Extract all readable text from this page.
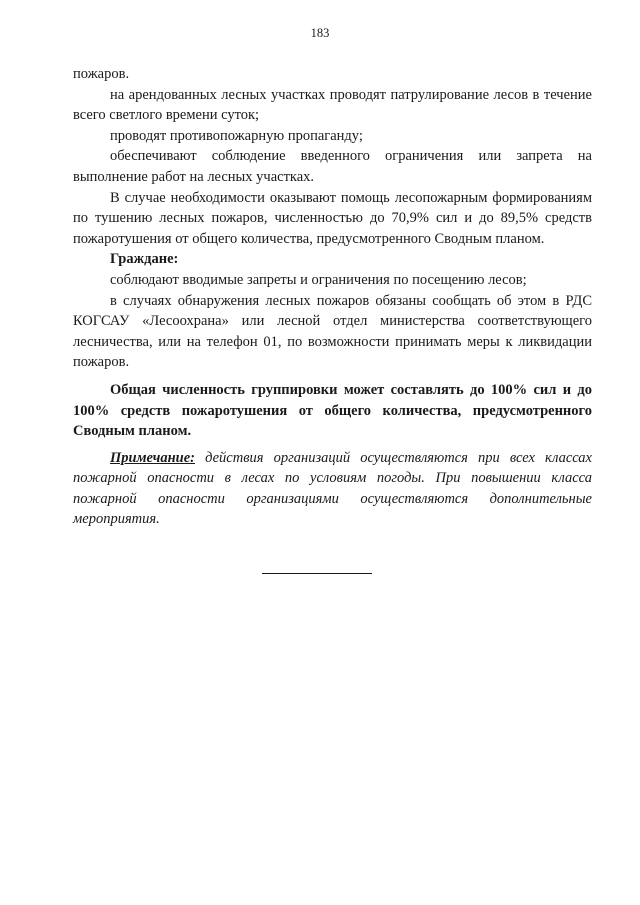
183

пожаров.

на арендованных лесных участках проводят патрулирование лесов в течение всего светлого времени суток;

проводят противопожарную пропаганду;

обеспечивают соблюдение введенного ограничения или запрета на выполнение работ на лесных участках.

В случае необходимости оказывают помощь лесопожарным формированиям по тушению лесных пожаров, численностью до 70,9% сил и до 89,5% средств пожаротушения от общего количества, предусмотренного Сводным планом.

Граждане:

соблюдают вводимые запреты и ограничения по посещению лесов;

в случаях обнаружения лесных пожаров обязаны сообщать об этом в РДС КОГСАУ «Лесоохрана» или лесной отдел министерства соответствующего лесничества, или на телефон 01, по возможности принимать меры к ликвидации пожаров.

Общая численность группировки может составлять до 100% сил и до 100% средств пожаротушения от общего количества, предусмотренного Сводным планом.

Примечание: действия организаций осуществляются при всех классах пожарной опасности в лесах по условиям погоды. При повышении класса пожарной опасности организациями осуществляются дополнительные мероприятия.
